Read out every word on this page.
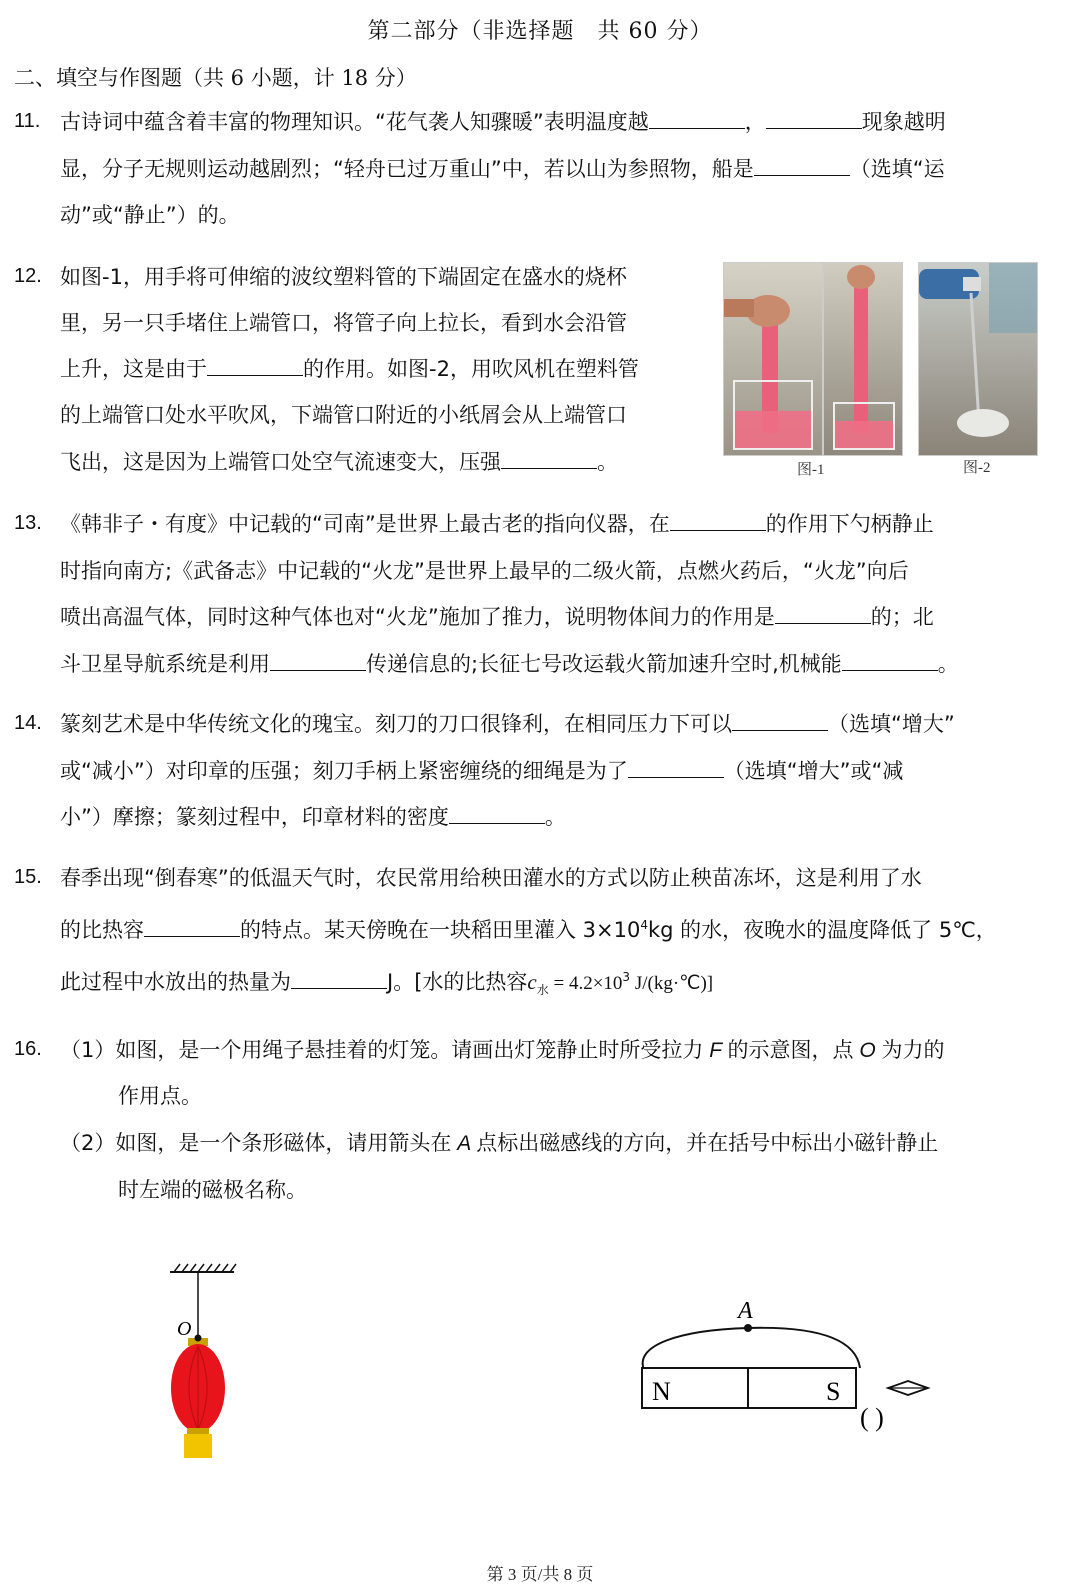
第二部分（非选择题　共 60 分）
二、填空与作图题（共 6 小题，计 18 分）
11. 古诗词中蕴含着丰富的物理知识。“花气袭人知骤暖”表明温度越	，	现象越明
显，分子无规则运动越剧烈；“轻舟已过万重山”中，若以山为参照物，船是	（选填“运
动”或“静止”）的。
12. 如图-1，用手将可伸缩的波纹塑料管的下端固定在盛水的烧杯
里，另一只手堵住上端管口，将管子向上拉长，看到水会沿管
上升，这是由于	的作用。如图-2，用吹风机在塑料管
的上端管口处水平吹风，下端管口附近的小纸屑会从上端管口
飞出，这是因为上端管口处空气流速变大，压强	。	图-1	图-2
13. 《韩非子・有度》中记载的“司南”是世界上最古老的指向仪器，在	的作用下勺柄静止
时指向南方;《武备志》中记载的“火龙”是世界上最早的二级火箭，点燃火药后，“火龙”向后
喷出高温气体，同时这种气体也对“火龙”施加了推力，说明物体间力的作用是	的；北
斗卫星导航系统是利用	传递信息的;长征七号改运载火箭加速升空时,机械能	。
14. 篆刻艺术是中华传统文化的瑰宝。刻刀的刀口很锋利，在相同压力下可以	（选填“增大”
或“减小”）对印章的压强；刻刀手柄上紧密缠绕的细绳是为了	（选填“增大”或“减
小”）摩擦；篆刻过程中，印章材料的密度	。
15. 春季出现“倒春寒”的低温天气时，农民常用给秧田灌水的方式以防止秧苗冻坏，这是利用了水
的比热容	的特点。某天傍晚在一块稻田里灌入 $3\times 10^4kg$ 的水，夜晚水的温度降低了 5℃，
此过程中水放出的热量为	J。[水的比热容$c_水 = 4.2\times 10^3$ J/(kg·℃)]
16. （1）如图，是一个用绳子悬挂着的灯笼。请画出灯笼静止时所受拉力 F 的示意图，点 O 为力的
作用点。
（2）如图，是一个条形磁体，请用箭头在 A 点标出磁感线的方向，并在括号中标出小磁针静止
时左端的磁极名称。
O
A
N	S
( )
第 3 页/共 8 页
